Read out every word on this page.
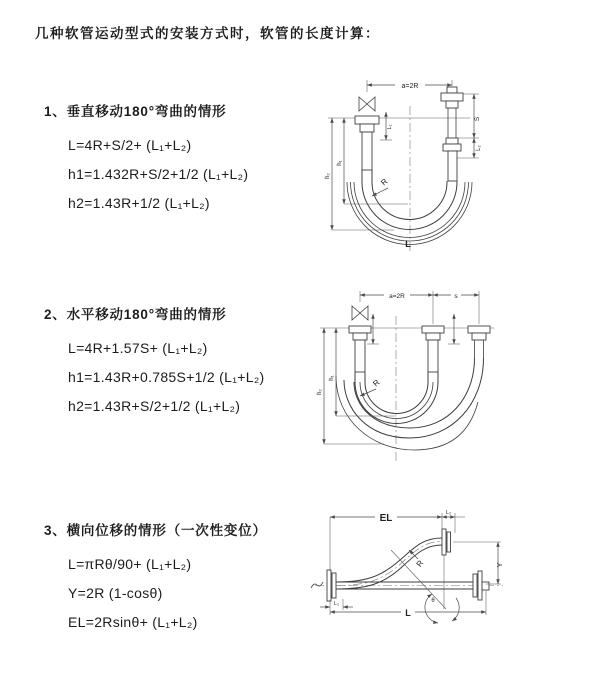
几种软管运动型式的安装方式时，软管的长度计算：
1、垂直移动180°弯曲的情形
L=4R+S/2+ (L₁+L₂)
h1=1.432R+S/2+1/2 (L₁+L₂)
h2=1.43R+1/2 (L₁+L₂)
a=2R
S
L₂
h₁
h₂
L₁
R
L
2、水平移动180°弯曲的情形
L=4R+1.57S+ (L₁+L₂)
h1=1.43R+0.785S+1/2 (L₁+L₂)
h2=1.43R+S/2+1/2 (L₁+L₂)
a=2R	s
h₁
h₂
R
3、横向位移的情形（一次性变位）
L=πRθ/90+ (L₁+L₂)
Y=2R (1-cosθ)
EL=2Rsinθ+ (L₁+L₂)
EL	L₂
θ
R	Y
L₁
L
